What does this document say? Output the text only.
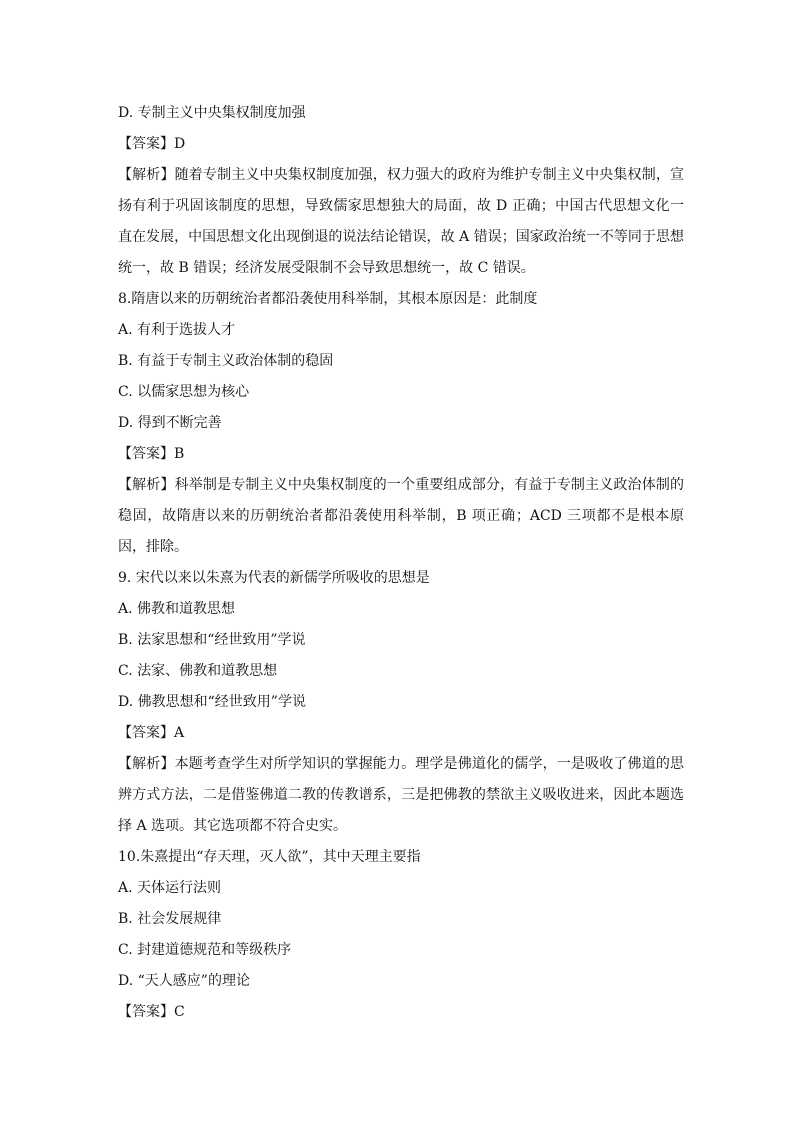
D. 专制主义中央集权制度加强
【答案】D

【解析】随着专制主义中央集权制度加强，权力强大的政府为维护专制主义中央集权制，宣扬有利于巩固该制度的思想，导致儒家思想独大的局面，故 D 正确；中国古代思想文化一直在发展，中国思想文化出现倒退的说法结论错误，故 A 错误；国家政治统一不等同于思想统一，故 B 错误；经济发展受限制不会导致思想统一，故 C 错误。

8.隋唐以来的历朝统治者都沿袭使用科举制，其根本原因是：此制度
A. 有利于选拔人才
B. 有益于专制主义政治体制的稳固
C. 以儒家思想为核心
D. 得到不断完善
【答案】B

【解析】科举制是专制主义中央集权制度的一个重要组成部分，有益于专制主义政治体制的稳固，故隋唐以来的历朝统治者都沿袭使用科举制，B 项正确；ACD 三项都不是根本原因，排除。

9. 宋代以来以朱熹为代表的新儒学所吸收的思想是
A. 佛教和道教思想
B. 法家思想和“经世致用”学说
C. 法家、佛教和道教思想
D. 佛教思想和“经世致用”学说
【答案】A

【解析】本题考查学生对所学知识的掌握能力。理学是佛道化的儒学，一是吸收了佛道的思辨方式方法，二是借鉴佛道二教的传教谱系，三是把佛教的禁欲主义吸收进来，因此本题选择 A 选项。其它选项都不符合史实。

10.朱熹提出“存天理，灭人欲”，其中天理主要指
A. 天体运行法则
B. 社会发展规律
C. 封建道德规范和等级秩序
D. “天人感应”的理论
【答案】C
